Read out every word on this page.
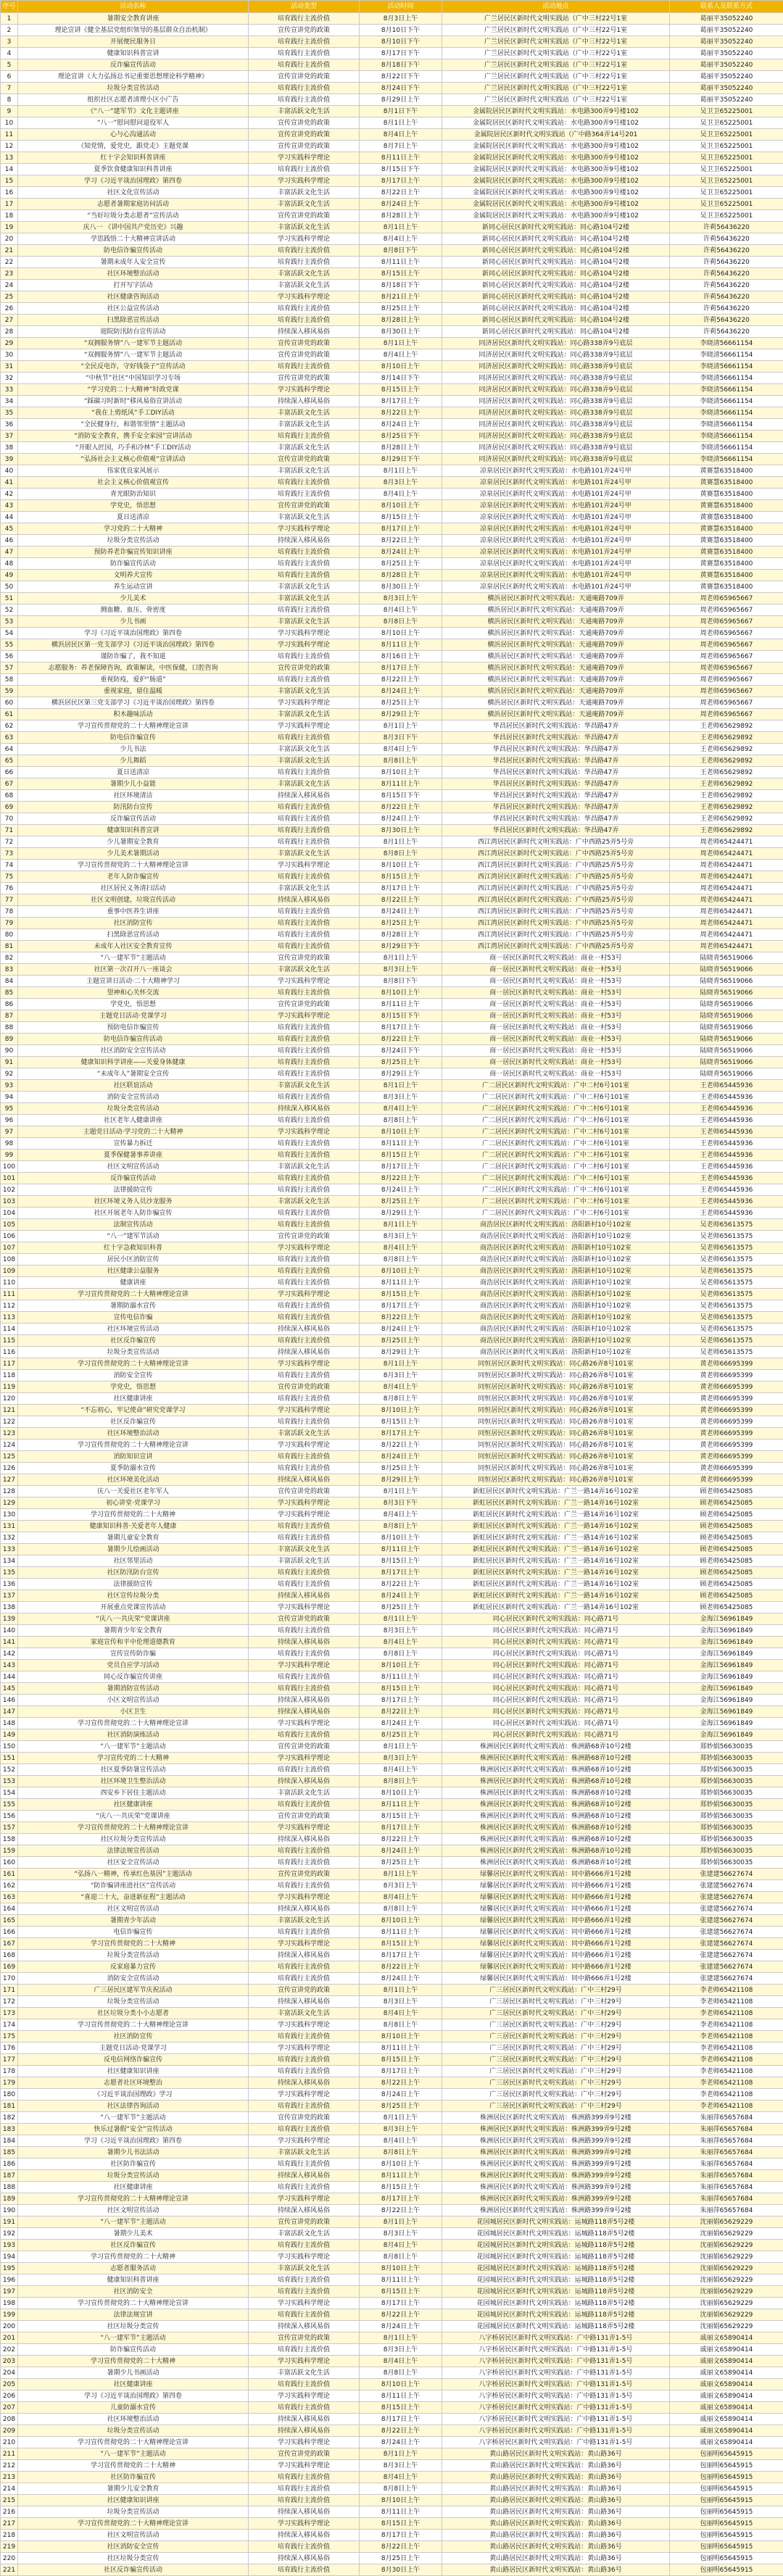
序号	活动名称	活动类型	活动时间	活动地点	联系人及联系方式
1	暑期安全教育讲座	培育践行主流价值	8月3日上午	广兰居民区新时代文明实践站（广中三村22号1室	葛丽平35052240
2	理论宣讲《健全基层党组织领导的基层群众自治机制》	宣传宣讲党的政策	8月10日下午	广兰居民区新时代文明实践站（广中三村22号1室	葛丽平35052240
3	开展便民服务日	培育践行主流价值	8月10日下午	广兰居民区新时代文明实践站（广中三村22号1室	葛丽平35052240
4	健康知识科普宣讲	培育践行主流价值	8月17日下午	广兰居民区新时代文明实践站（广中三村22号1室	葛丽平35052240
5	反诈骗宣传活动	培育践行主流价值	8月18日下午	广兰居民区新时代文明实践站（广中三村22号1室	葛丽平35052240
6	理论宣讲《大力弘扬总书记重要思想理论科学精神》	宣传宣讲党的政策	8月22日下午	广兰居民区新时代文明实践站（广中三村22号1室	葛丽平35052240
7	垃圾分类宣传活动	培育践行主流价值	8月24日下午	广兰居民区新时代文明实践站（广中三村22号1室	葛丽平35052240
8	组织社区志愿者清理小区小广告	培育践行主流价值	8月29日上午	广兰居民区新时代文明实践站（广中三村22号1室	葛丽平35052240
9	《“八一”建军节》文化主题讲座	丰富活跃文化生活	8月1日下午	金属院居民区新时代文明实践站：水电路300弄9号楼102	吴卫卫65225001
10	“八一”慰问慰问退役军人	宣传宣讲党的政策	8月1日上午	金属院居民区新时代文明实践站：水电路300弄9号楼102	吴卫卫65225001
11	心与心沟通活动	宣传宣讲党的政策	8月4日上午	金属院居民区新时代文明实践站（广中路364弄14号201	吴卫卫65225001
12	《知党情，爱党史，跟党走》主题党课	宣传宣讲党的政策	8月7日上午	金属院居民区新时代文明实践站：水电路300弄9号楼102	吴卫卫65225001
13	红十字会知识科普讲座	学习实践科学理论	8月11日上午	金属院居民区新时代文明实践站：水电路300弄9号楼102	吴卫卫65225001
14	夏季饮食健康知识科普讲座	培育践行主流价值	8月15日下午	金属院居民区新时代文明实践站：水电路300弄9号楼102	吴卫卫65225001
15	学习《习近平谈治国理政》第四卷	学习实践科学理论	8月17日上午	金属院居民区新时代文明实践站：水电路300弄9号楼102	吴卫卫65225001
16	社区文化宣传活动	丰富活跃文化生活	8月22日上午	金属院居民区新时代文明实践站：水电路300弄9号楼102	吴卫卫65225001
17	志愿者暑期家庭访问活动	丰富活跃文化生活	8月24日上午	金属院居民区新时代文明实践站：水电路300弄9号楼102	吴卫卫65225001
18	“当好垃圾分类志愿者”宣传活动	宣传宣讲党的政策	8月28日上午	金属院居民区新时代文明实践站：水电路300弄9号楼102	吴卫卫65225001
19	庆八一 《讲中国共产党历史》兴趣	丰富活跃文化生活	8月1日上午	新同心居民区新时代文明实践站：同心路104号2楼	许莉56436220
20	学思践悟二十大精神宣讲活动	学习实践科学理论	8月4日上午	新同心居民区新时代文明实践站：同心路104号2楼	许莉56436220
21	防电信诈骗宣传活动	培育践行主流价值	8月8日下午	新同心居民区新时代文明实践站：同心路104号2楼	许莉56436220
22	暑期未成年人安全宣传	培育践行主流价值	8月11日上午	新同心居民区新时代文明实践站：同心路104号2楼	许莉56436220
23	社区环境整治活动	丰富活跃文化生活	8月15日上午	新同心居民区新时代文明实践站：同心路104号2楼	许莉56436220
24	打开写字活动	丰富活跃文化生活	8月18日下午	新同心居民区新时代文明实践站：同心路104号2楼	许莉56436220
25	社区健康咨询活动	学习实践科学理论	8月21日上午	新同心居民区新时代文明实践站：同心路104号2楼	许莉56436220
26	社区公益宣传活动	培育践行主流价值	8月25日上午	新同心居民区新时代文明实践站：同心路104号2楼	许莉56436220
27	扫黑除恶宣传活动	培育践行主流价值	8月28日上午	新同心居民区新时代文明实践站：同心路104号2楼	许莉56436220
28	庭院防汛防台宣传活动	持续深入移风易俗	8月30日上午	新同心居民区新时代文明实践站：同心路104号2楼	许莉56436220
29	“双拥服务情”八一建军节主题活动	宣传宣讲党的政策	8月1日上午	同济居民区新时代文明实践站：同心路338弄9号底层	李晓清56661154
30	“双拥服务情”八一建军节主题活动	宣传宣讲党的政策	8月4日上午	同济居民区新时代文明实践站：同心路338弄9号底层	李晓清56661154
31	“全民反电诈，守好钱袋子”宣传活动	培育践行主流价值	8月10日上午	同济居民区新时代文明实践站：同心路338弄9号底层	李晓清56661154
32	“中秋节”社区“中国知识学习专场	宣传宣讲党的政策	8月14日下午	同济居民区新时代文明实践站：同心路338弄9号底层	李晓清56661154
33	“学习党的二十大精神”时政党课	学习实践科学理论	8月15日上午	同济居民区新时代文明实践站：同心路338弄9号底层	李晓清56661154
34	“踩碳习时新时”移风易俗宣讲活动	持续深入移风易俗	8月17日上午	同济居民区新时代文明实践站：同心路338弄9号底层	李晓清56661154
35	“我在上剪纸风”手工DIY活动	丰富活跃文化生活	8月22日上午	同济居民区新时代文明实践站：同心路338弄9号底层	李晓清56661154
36	“全民健身行，和谐邻里情”主题活动	丰富活跃文化生活	8月24日上午	同济居民区新时代文明实践站：同心路338弄9号底层	李晓清56661154
37	“消防安全教育，携手安全家园”宣讲活动	培育践行主流价值	8月25日下午	同济居民区新时代文明实践站：同心路338弄9号底层	李晓清56661154
38	“开眼人匠园，巧手和冷林”手工DIY活动	丰富活跃文化生活	8月28日上午	同济居民区新时代文明实践站：同心路338弄9号底层	李晓清56661154
39	“弘扬社会主义核心价值观”宣讲活动	宣传宣讲党的政策	8月29日下午	同济居民区新时代文明实践站：同心路338弄9号底层	李晓清56661154
40	伟家优良家风展示	丰富活跃文化生活	8月1日上午	凉泉居民区新时代文明实践站：水电路101弄24号甲	黄赛慧63518400
41	社会主义核心价值观宣传	培育践行主流价值	8月3日上午	凉泉居民区新时代文明实践站：水电路101弄24号甲	黄赛慧63518400
42	青光眼防治知识	培育践行主流价值	8月4日上午	凉泉居民区新时代文明实践站：水电路101弄24号甲	黄赛慧63518400
43	学党史，悟思想	宣传宣讲党的政策	8月10日上午	凉泉居民区新时代文明实践站：水电路101弄24号甲	黄赛慧63518400
44	夏日送清凉	丰富活跃文化生活	8月15日上午	凉泉居民区新时代文明实践站：水电路101弄24号甲	黄赛慧63518400
45	学习党的二十大精神	学习实践科学理论	8月17日上午	凉泉居民区新时代文明实践站：水电路101弄24号甲	黄赛慧63518400
46	垃圾分类宣传活动	持续深入移风易俗	8月22日上午	凉泉居民区新时代文明实践站：水电路101弄24号甲	黄赛慧63518400
47	预防养老诈骗宣传知识讲座	培育践行主流价值	8月24日上午	凉泉居民区新时代文明实践站：水电路101弄24号甲	黄赛慧63518400
48	防诈骗宣传活动	培育践行主流价值	8月25日上午	凉泉居民区新时代文明实践站：水电路101弄24号甲	黄赛慧63518400
49	文明养犬宣传	培育践行主流价值	8月28日上午	凉泉居民区新时代文明实践站：水电路101弄24号甲	黄赛慧63518400
50	养生运动宣讲	丰富活跃文化生活	8月30日上午	凉泉居民区新时代文明实践站：水电路101弄24号甲	黄赛慧63518400
51	少儿美术	丰富活跃文化生活	8月3日上午	横浜居民区新时代文明实践站：天通庵路709弄	周老师65965667
52	测血糖、血压、骨密度	培育践行主流价值	8月4日上午	横浜居民区新时代文明实践站：天通庵路709弄	周老师65965667
53	少儿书画	丰富活跃文化生活	8月8日上午	横浜居民区新时代文明实践站：天通庵路709弄	周老师65965667
54	学习《习近平谈治国理政》第四卷	学习实践科学理论	8月10日上午	横浜居民区新时代文明实践站：天通庵路709弄	周老师65965667
55	横浜居民区第一党支部学习《习近平谈治国理政》第四卷	学习实践科学理论	8月11日上午	横浜居民区新时代文明实践站：天通庵路709弄	周老师65965667
56	谨防诈骗了，我不知道	培育践行主流价值	8月16日上午	横浜居民区新时代文明实践站：天通庵路709弄	周老师65965667
57	志愿服务：养老保障咨询，政策解读，中医保健，口腔咨询	宣传宣讲党的政策	8月17日上午	横浜居民区新时代文明实践站：天通庵路709弄	周老师65965667
58	重视防疫，爱护“肠道”	培育践行主流价值	8月22日上午	横浜居民区新时代文明实践站：天通庵路709弄	周老师65965667
59	重视家庭，留住温暖	丰富活跃文化生活	8月24日上午	横浜居民区新时代文明实践站：天通庵路709弄	周老师65965667
60	横浜居民区第三党支部学习《习近平谈治国理政》第四卷	学习实践科学理论	8月25日上午	横浜居民区新时代文明实践站：天通庵路709弄	周老师65965667
61	积木趣味活动	丰富活跃文化生活	8月29日上午	横浜居民区新时代文明实践站：天通庵路709弄	周老师65965667
62	学习宣传贯彻党的二十大精神理论宣讲	学习实践科学理论	8月1日上午	华昌居民区新时代文明实践站：华昌路47弄	王老师65629892
63	防电信诈骗宣传	培育践行主流价值	8月3日下午	华昌居民区新时代文明实践站：华昌路47弄	王老师65629892
64	少儿书法	丰富活跃文化生活	8月4日上午	华昌居民区新时代文明实践站：华昌路47弄	王老师65629892
65	少儿舞蹈	丰富活跃文化生活	8月8日上午	华昌居民区新时代文明实践站：华昌路47弄	王老师65629892
66	夏日送清凉	培育践行主流价值	8月10日上午	华昌居民区新时代文明实践站：华昌路47弄	王老师65629892
67	暑期少儿小益能	丰富活跃文化生活	8月11日上午	华昌居民区新时代文明实践站：华昌路47弄	王老师65629892
68	社区环境清洁	持续深入移风易俗	8月15日下午	华昌居民区新时代文明实践站：华昌路47弄	王老师65629892
69	防汛防台宣传	培育践行主流价值	8月22日上午	华昌居民区新时代文明实践站：华昌路47弄	王老师65629892
70	反诈骗宣传活动	培育践行主流价值	8月24日上午	华昌居民区新时代文明实践站：华昌路47弄	王老师65629892
71	健康知识科普宣讲	培育践行主流价值	8月30日上午	华昌居民区新时代文明实践站：华昌路47弄	王老师65629892
72	少儿暑期安全教育	培育践行主流价值	8月1日上午	西江湾居民区新时代文明实践站：广中西路25弄5号旁	周老师65424471
73	少儿美术暑期活动	丰富活跃文化生活	8月8日上午	西江湾居民区新时代文明实践站：广中西路25弄5号旁	周老师65424471
74	学习宣传贯彻党的二十大精神理论宣讲	学习实践科学理论	8月10日上午	西江湾居民区新时代文明实践站：广中西路25弄5号旁	周老师65424471
75	老年人防诈骗宣传	培育践行主流价值	8月15日上午	西江湾居民区新时代文明实践站：广中西路25弄5号旁	周老师65424471
76	社区居民义务清扫活动	丰富活跃文化生活	8月17日上午	西江湾居民区新时代文明实践站：广中西路25弄5号旁	周老师65424471
77	社区文明创建，垃圾宣传活动	持续深入移风易俗	8月22日上午	西江湾居民区新时代文明实践站：广中西路25弄5号旁	周老师65424471
78	重事中医养生讲座	培育践行主流价值	8月24日上午	西江湾居民区新时代文明实践站：广中西路25弄5号旁	周老师65424471
79	社区消防宣传	培育践行主流价值	8月25日上午	西江湾居民区新时代文明实践站：广中西路25弄5号旁	周老师65424471
80	扫黑除恶宣传活动	培育践行主流价值	8月28日上午	西江湾居民区新时代文明实践站：广中西路25弄5号旁	周老师65424471
81	未成年人社区安全教育宣传	培育践行主流价值	8月29日下午	西江湾居民区新时代文明实践站：广中西路25弄5号旁	周老师65424471
82	“八一建军节”主题活动	宣传宣讲党的政策	8月1日上午	商一居民区新时代文明实践站：商业一村53号	陆晓青56519066
83	社区第一次召开八一座谈会	丰富活跃文化生活	8月3日上午	商一居民区新时代文明实践站：商业一村53号	陆晓青56519066
84	主题宣讲日活动·二十大精神学习	学习实践科学理论	8月8日下午	商一居民区新时代文明实践站：商业一村53号	陆晓青56519066
85	望神和心关怀交流	培育践行主流价值	8月10日上午	商一居民区新时代文明实践站：商业一村53号	陆晓青56519066
86	学党史，悟思想	宣传宣讲党的政策	8月11日上午	商一居民区新时代文明实践站：商业一村53号	陆晓青56519066
87	主题党日活动·党课学习	学习实践科学理论	8月15日下午	商一居民区新时代文明实践站：商业一村53号	陆晓青56519066
88	预防电信诈骗宣传	培育践行主流价值	8月17日上午	商一居民区新时代文明实践站：商业一村53号	陆晓青56519066
89	防电信诈骗宣传活动	培育践行主流价值	8月22日上午	商一居民区新时代文明实践站：商业一村53号	陆晓青56519066
90	社区消防安全宣传活动	培育践行主流价值	8月24日下午	商一居民区新时代文明实践站：商业一村53号	陆晓青56519066
91	健康知识科学讲座——关爱身体健康	培育践行主流价值	8月25日上午	商一居民区新时代文明实践站：商业一村53号	陆晓青56519066
92	“未成年人”暑期安全宣传	培育践行主流价值	8月29日上午	商一居民区新时代文明实践站：商业一村53号	陆晓青56519066
93	社区联谊活动	丰富活跃文化生活	8月1日上午	广二居民区新时代文明实践站：广中二村6号101室	王老师65445936
94	消防安全宣传活动	培育践行主流价值	8月3日上午	广二居民区新时代文明实践站：广中二村6号101室	王老师65445936
95	垃圾分类宣传活动	持续深入移风易俗	8月4日上午	广二居民区新时代文明实践站：广中二村6号101室	王老师65445936
96	社区老年人健康讲座	培育践行主流价值	8月8日上午	广二居民区新时代文明实践站：广中二村6号101室	王老师65445936
97	主题党日活动·学习党的二十大精神	学习实践科学理论	8月10日上午	广二居民区新时代文明实践站：广中二村6号101室	王老师65445936
98	宣传暴力拆迁	培育践行主流价值	8月11日上午	广二居民区新时代文明实践站：广中二村6号101室	王老师65445936
99	夏季保健暑事养讲座	培育践行主流价值	8月15日上午	广二居民区新时代文明实践站：广中二村6号101室	王老师65445936
100	社区文明宣传活动	丰富活跃文化生活	8月17日上午	广二居民区新时代文明实践站：广中二村6号101室	王老师65445936
101	反诈骗宣传活动	培育践行主流价值	8月22日上午	广二居民区新时代文明实践站：广中二村6号101室	王老师65445936
102	法律援助宣传	培育践行主流价值	8月24日上午	广二居民区新时代文明实践站：广中二村6号101室	王老师65445936
103	社区环境义务人员沙龙服务	丰富活跃文化生活	8月25日上午	广二居民区新时代文明实践站：广中二村6号101室	王老师65445936
104	社区开展老年人防诈骗宣传	培育践行主流价值	8月29日上午	广二居民区新时代文明实践站：广中二村6号101室	王老师65445936
105	法制宣传活动	培育践行主流价值	8月1日上午	商浩居民区新时代文明实践站：洛阳新村10号102室	吴老师65613575
106	“八一”建军节活动	宣传宣讲党的政策	8月3日上午	商浩居民区新时代文明实践站：洛阳新村10号102室	吴老师65613575
107	红十字急救知识科普	学习实践科学理论	8月4日上午	商浩居民区新时代文明实践站：洛阳新村10号102室	吴老师65613575
108	居民小区消防宣传	培育践行主流价值	8月8日上午	商浩居民区新时代文明实践站：洛阳新村10号102室	吴老师65613575
109	社区健康公益服务	培育践行主流价值	8月10日上午	商浩居民区新时代文明实践站：洛阳新村10号102室	吴老师65613575
110	健康讲座	培育践行主流价值	8月11日上午	商浩居民区新时代文明实践站：洛阳新村10号102室	吴老师65613575
111	学习宣传贯彻党的二十大精神理论宣讲	学习实践科学理论	8月15日上午	商浩居民区新时代文明实践站：洛阳新村10号102室	吴老师65613575
112	暑期防溺水宣传	培育践行主流价值	8月17日上午	商浩居民区新时代文明实践站：洛阳新村10号102室	吴老师65613575
113	宣传电信诈骗	培育践行主流价值	8月22日上午	商浩居民区新时代文明实践站：洛阳新村10号102室	吴老师65613575
114	社区环境宣传活动	持续深入移风易俗	8月24日上午	商浩居民区新时代文明实践站：洛阳新村10号102室	吴老师65613575
115	社区反诈骗宣传	培育践行主流价值	8月25日上午	商浩居民区新时代文明实践站：洛阳新村10号102室	吴老师65613575
116	垃圾分类宣传活动	持续深入移风易俗	8月29日上午	商浩居民区新时代文明实践站：洛阳新村10号102室	吴老师65613575
117	学习宣传贯彻党的二十大精神理论宣讲	学习实践科学理论	8月1日上午	同恒居民区新时代文明实践站：同心路26弄8号101室	黄老师66695399
118	消防安全宣传	培育践行主流价值	8月3日上午	同恒居民区新时代文明实践站：同心路26弄8号101室	黄老师66695399
119	学党史，悟思想	宣传宣讲党的政策	8月4日上午	同恒居民区新时代文明实践站：同心路26弄8号101室	黄老师66695399
120	社区健康讲座	培育践行主流价值	8月8日上午	同恒居民区新时代文明实践站：同心路26弄8号101室	黄老师66695399
121	“不忘初心，牢记使命”研究党课学习	学习实践科学理论	8月10日上午	同恒居民区新时代文明实践站：同心路26弄8号101室	黄老师66695399
122	社区反诈骗宣传	培育践行主流价值	8月15日上午	同恒居民区新时代文明实践站：同心路26弄8号101室	黄老师66695399
123	社区环境整治活动	丰富活跃文化生活	8月17日上午	同恒居民区新时代文明实践站：同心路26弄8号101室	黄老师66695399
124	学习宣传贯彻党的二十大精神理论宣讲	学习实践科学理论	8月22日上午	同恒居民区新时代文明实践站：同心路26弄8号101室	黄老师66695399
125	消防知识宣讲	培育践行主流价值	8月24日上午	同恒居民区新时代文明实践站：同心路26弄8号101室	黄老师66695399
126	夏季防溺水宣传	培育践行主流价值	8月25日上午	同恒居民区新时代文明实践站：同心路26弄8号101室	黄老师66695399
127	社区环境美化活动	持续深入移风易俗	8月29日上午	同恒居民区新时代文明实践站：同心路26弄8号101室	黄老师66695399
128	庆八一关爱社区老年军人	宣传宣讲党的政策	8月1日上午	新虹居民区新时代文明实践站：广兰一路14弄16号102室	顾老师65425085
129	初心讲堂·党课学习	学习实践科学理论	8月3日下午	新虹居民区新时代文明实践站：广兰一路14弄16号102室	顾老师65425085
130	学习宣传贯彻党的二十大精神	学习实践科学理论	8月4日上午	新虹居民区新时代文明实践站：广兰一路14弄16号102室	顾老师65425085
131	健康知识科普·关爱老年人健康	培育践行主流价值	8月8日上午	新虹居民区新时代文明实践站：广兰一路14弄16号102室	顾老师65425085
132	暑期儿童安全教育	培育践行主流价值	8月10日上午	新虹居民区新时代文明实践站：广兰一路14弄16号102室	顾老师65425085
133	暑期少儿绘画活动	丰富活跃文化生活	8月11日上午	新虹居民区新时代文明实践站：广兰一路14弄16号102室	顾老师65425085
134	社区邻里活动	丰富活跃文化生活	8月15日上午	新虹居民区新时代文明实践站：广兰一路14弄16号102室	顾老师65425085
135	社区防汛防台宣传	培育践行主流价值	8月17日上午	新虹居民区新时代文明实践站：广兰一路14弄16号102室	顾老师65425085
136	法律援助宣传	培育践行主流价值	8月22日上午	新虹居民区新时代文明实践站：广兰一路14弄16号102室	顾老师65425085
137	社区宣传垃圾分类	持续深入移风易俗	8月24日上午	新虹居民区新时代文明实践站：广兰一路14弄16号102室	顾老师65425085
138	开展重点党课宣传活动	学习实践科学理论	8月25日上午	新虹居民区新时代文明实践站：广兰一路14弄16号102室	顾老师65425085
139	“庆八一·共庆荣”党课讲座	宣传宣讲党的政策	8月1日上午	同心居民区新时代文明实践站：同心路71号	金海江56961849
140	暑期青少年安全教育	培育践行主流价值	8月3日上午	同心居民区新时代文明实践站：同心路71号	金海江56961849
141	家庭宣传和平中伦理道德教育	持续深入移风易俗	8月4日上午	同心居民区新时代文明实践站：同心路71号	金海江56961849
142	宣传宣传防诈骗	培育践行主流价值	8月8日上午	同心居民区新时代文明实践站：同心路71号	金海江56961849
143	党员自应学习活动	学习实践科学理论	8月10日上午	同心居民区新时代文明实践站：同心路71号	金海江56961849
144	同心反诈骗宣传讲座	培育践行主流价值	8月11日上午	同心居民区新时代文明实践站：同心路71号	金海江56961849
145	暑期消防宣传活动	培育践行主流价值	8月15日上午	同心居民区新时代文明实践站：同心路71号	金海江56961849
146	小区文明宣传活动	持续深入移风易俗	8月17日上午	同心居民区新时代文明实践站：同心路71号	金海江56961849
147	小区卫生	持续深入移风易俗	8月22日上午	同心居民区新时代文明实践站：同心路71号	金海江56961849
148	学习宣传贯彻党的二十大精神理论宣讲	学习实践科学理论	8月24日上午	同心居民区新时代文明实践站：同心路71号	金海江56961849
149	社区消防演练活动	培育践行主流价值	8月25日上午	同心居民区新时代文明实践站：同心路71号	金海江56961849
150	“八一建军节”主题活动	宣传宣讲党的政策	8月1日上午	株洲居民区新时代文明实践站：株洲路68弄10号2楼	郑妙娟56630035
151	学习宣传党的二十大精神	学习实践科学理论	8月3日上午	株洲居民区新时代文明实践站：株洲路68弄10号2楼	郑妙娟56630035
152	社区夏季防暑宣传活动	培育践行主流价值	8月4日上午	株洲居民区新时代文明实践站：株洲路68弄10号2楼	郑妙娟56630035
153	社区环境卫生整治活动	持续深入移风易俗	8月8日上午	株洲居民区新时代文明实践站：株洲路68弄10号2楼	郑妙娟56630035
154	西安乡下居住主题活动	丰富活跃文化生活	8月10日上午	株洲居民区新时代文明实践站：株洲路68弄10号2楼	郑妙娟56630035
155	社区健康讲座	培育践行主流价值	8月11日上午	株洲居民区新时代文明实践站：株洲路68弄10号2楼	郑妙娟56630035
156	“庆八一·共庆荣”党课讲座	宣传宣讲党的政策	8月15日上午	株洲居民区新时代文明实践站：株洲路68弄10号2楼	郑妙娟56630035
157	学习宣传贯彻党的二十大精神理论宣讲	学习实践科学理论	8月17日上午	株洲居民区新时代文明实践站：株洲路68弄10号2楼	郑妙娟56630035
158	社区垃圾分类宣传活动	持续深入移风易俗	8月22日上午	株洲居民区新时代文明实践站：株洲路68弄10号2楼	郑妙娟56630035
159	法律法规宣传活动	培育践行主流价值	8月24日上午	株洲居民区新时代文明实践站：株洲路68弄10号2楼	郑妙娟56630035
160	社区安全宣传活动	培育践行主流价值	8月25日上午	株洲居民区新时代文明实践站：株洲路68弄10号2楼	郑妙娟56630035
161	“弘扬八一精神，传承红色基因”主题活动	宣传宣讲党的政策	8月1日上午	绿馨居民区新时代文明实践站：同中路666弄1号2楼	张建建56627674
162	“防诈骗讲座进社区”宣传活动	培育践行主流价值	8月3日上午	绿馨居民区新时代文明实践站：同中路666弄1号2楼	张建建56627674
163	“喜迎二十大，奋进新征程”主题活动	学习实践科学理论	8月4日上午	绿馨居民区新时代文明实践站：同中路666弄1号2楼	张建建56627674
164	社区文明宣传活动	持续深入移风易俗	8月8日上午	绿馨居民区新时代文明实践站：同中路666弄1号2楼	张建建56627674
165	暑期青少年活动	丰富活跃文化生活	8月10日上午	绿馨居民区新时代文明实践站：同中路666弄1号2楼	张建建56627674
166	电信诈骗宣传	培育践行主流价值	8月11日上午	绿馨居民区新时代文明实践站：同中路666弄1号2楼	张建建56627674
167	学习宣传贯彻党的二十大精神	学习实践科学理论	8月15日上午	绿馨居民区新时代文明实践站：同中路666弄1号2楼	张建建56627674
168	垃圾分类宣传活动	持续深入移风易俗	8月17日上午	绿馨居民区新时代文明实践站：同中路666弄1号2楼	张建建56627674
169	反家庭暴力宣传	培育践行主流价值	8月22日上午	绿馨居民区新时代文明实践站：同中路666弄1号2楼	张建建56627674
170	消防安全宣传活动	培育践行主流价值	8月24日上午	绿馨居民区新时代文明实践站：同中路666弄1号2楼	张建建56627674
171	广三居民区建军节庆祝活动	宣传宣讲党的政策	8月1日上午	广三居民区新时代文明实践站：广中三村29号	李老师65421108
172	垃圾分类宣传活动	持续深入移风易俗	8月3日上午	广三居民区新时代文明实践站：广中三村29号	李老师65421108
173	社区垃圾分类小小志愿者	丰富活跃文化生活	8月4日上午	广三居民区新时代文明实践站：广中三村29号	李老师65421108
174	学习宣传贯彻党的二十大精神理论宣讲	学习实践科学理论	8月8日上午	广三居民区新时代文明实践站：广中三村29号	李老师65421108
175	社区消防宣传	培育践行主流价值	8月10日上午	广三居民区新时代文明实践站：广中三村29号	李老师65421108
176	主题党日活动·党课学习	学习实践科学理论	8月11日上午	广三居民区新时代文明实践站：广中三村29号	李老师65421108
177	反电信网络诈骗宣传	培育践行主流价值	8月15日上午	广三居民区新时代文明实践站：广中三村29号	李老师65421108
178	社区健康知识讲座	培育践行主流价值	8月17日上午	广三居民区新时代文明实践站：广中三村29号	李老师65421108
179	志愿者社区环境整治	持续深入移风易俗	8月22日上午	广三居民区新时代文明实践站：广中三村29号	李老师65421108
180	《习近平谈治国理政》学习	学习实践科学理论	8月24日上午	广三居民区新时代文明实践站：广中三村29号	李老师65421108
181	社区法律咨询活动	培育践行主流价值	8月25日上午	广三居民区新时代文明实践站：广中三村29号	李老师65421108
182	“八一建军节”主题活动	宣传宣讲党的政策	8月1日上午	株洲居民区新时代文明实践站：株洲路399弄9号2楼	朱丽萍65657684
183	快乐过暑假“安全”宣传活动	培育践行主流价值	8月3日上午	株洲居民区新时代文明实践站：株洲路399弄9号2楼	朱丽萍65657684
184	学习《习近平谈治国理政》第四卷	学习实践科学理论	8月4日上午	株洲居民区新时代文明实践站：株洲路399弄9号2楼	朱丽萍65657684
185	暑期少儿书法活动	丰富活跃文化生活	8月8日上午	株洲居民区新时代文明实践站：株洲路399弄9号2楼	朱丽萍65657684
186	社区防诈骗宣传	培育践行主流价值	8月10日上午	株洲居民区新时代文明实践站：株洲路399弄9号2楼	朱丽萍65657684
187	垃圾分类宣传活动	持续深入移风易俗	8月11日上午	株洲居民区新时代文明实践站：株洲路399弄9号2楼	朱丽萍65657684
188	社区健康讲座	培育践行主流价值	8月15日上午	株洲居民区新时代文明实践站：株洲路399弄9号2楼	朱丽萍65657684
189	学习宣传贯彻党的二十大精神理论宣讲	学习实践科学理论	8月17日上午	株洲居民区新时代文明实践站：株洲路399弄9号2楼	朱丽萍65657684
190	社区文明宣传活动	持续深入移风易俗	8月22日上午	株洲居民区新时代文明实践站：株洲路399弄9号2楼	朱丽萍65657684
191	“八一建军节”主题活动	宣传宣讲党的政策	8月1日上午	花园城居民区新时代文明实践站：运城路118弄5号2楼	沈丽娟65629229
192	暑期少儿美术	丰富活跃文化生活	8月3日上午	花园城居民区新时代文明实践站：运城路118弄5号2楼	沈丽娟65629229
193	社区反诈骗宣传	培育践行主流价值	8月4日上午	花园城居民区新时代文明实践站：运城路118弄5号2楼	沈丽娟65629229
194	学习宣传贯彻党的二十大精神	学习实践科学理论	8月8日上午	花园城居民区新时代文明实践站：运城路118弄5号2楼	沈丽娟65629229
195	志愿者服务活动	丰富活跃文化生活	8月10日上午	花园城居民区新时代文明实践站：运城路118弄5号2楼	沈丽娟65629229
196	健康知识科普讲座	培育践行主流价值	8月11日上午	花园城居民区新时代文明实践站：运城路118弄5号2楼	沈丽娟65629229
197	社区消防安全	培育践行主流价值	8月15日上午	花园城居民区新时代文明实践站：运城路118弄5号2楼	沈丽娟65629229
198	学习宣传贯彻党的二十大精神理论宣讲	学习实践科学理论	8月17日上午	花园城居民区新时代文明实践站：运城路118弄5号2楼	沈丽娟65629229
199	法律法规宣讲	培育践行主流价值	8月22日上午	花园城居民区新时代文明实践站：运城路118弄5号2楼	沈丽娟65629229
200	社区垃圾分类宣传	持续深入移风易俗	8月24日上午	花园城居民区新时代文明实践站：运城路118弄5号2楼	沈丽娟65629229
201	“八一建军节”主题活动	宣传宣讲党的政策	8月1日上午	八字桥居民区新时代文明实践站：广中路131弄1-5号	戚丽文65890414
202	防诈骗宣传活动	培育践行主流价值	8月3日上午	八字桥居民区新时代文明实践站：广中路131弄1-5号	戚丽文65890414
203	学习宣传贯彻党的二十大精神	学习实践科学理论	8月4日上午	八字桥居民区新时代文明实践站：广中路131弄1-5号	戚丽文65890414
204	暑期少儿书画活动	丰富活跃文化生活	8月8日上午	八字桥居民区新时代文明实践站：广中路131弄1-5号	戚丽文65890414
205	社区健康讲座	培育践行主流价值	8月10日上午	八字桥居民区新时代文明实践站：广中路131弄1-5号	戚丽文65890414
206	学习《习近平谈治国理政》第四卷	学习实践科学理论	8月11日上午	八字桥居民区新时代文明实践站：广中路131弄1-5号	戚丽文65890414
207	儿童防溺水宣传	培育践行主流价值	8月15日上午	八字桥居民区新时代文明实践站：广中路131弄1-5号	戚丽文65890414
208	社区环境整治活动	持续深入移风易俗	8月17日上午	八字桥居民区新时代文明实践站：广中路131弄1-5号	戚丽文65890414
209	垃圾分类宣传活动	持续深入移风易俗	8月22日上午	八字桥居民区新时代文明实践站：广中路131弄1-5号	戚丽文65890414
210	学习宣传贯彻党的二十大精神理论宣讲	学习实践科学理论	8月24日上午	八字桥居民区新时代文明实践站：广中路131弄1-5号	戚丽文65890414
211	“八一建军节”主题活动	宣传宣讲党的政策	8月1日上午	黄山路居民区新时代文明实践站：黄山路36号	包丽明65645915
212	学习宣传贯彻党的二十大精神	学习实践科学理论	8月3日上午	黄山路居民区新时代文明实践站：黄山路36号	包丽明65645915
213	社区防诈骗宣传	培育践行主流价值	8月4日上午	黄山路居民区新时代文明实践站：黄山路36号	包丽明65645915
214	暑期少儿安全教育	培育践行主流价值	8月8日上午	黄山路居民区新时代文明实践站：黄山路36号	包丽明65645915
215	社区健康知识讲座	培育践行主流价值	8月10日上午	黄山路居民区新时代文明实践站：黄山路36号	包丽明65645915
216	垃圾分类宣传活动	持续深入移风易俗	8月11日上午	黄山路居民区新时代文明实践站：黄山路36号	包丽明65645915
217	学习宣传贯彻党的二十大精神理论宣讲	学习实践科学理论	8月15日上午	黄山路居民区新时代文明实践站：黄山路36号	包丽明65645915
218	社区文明宣传活动	持续深入移风易俗	8月17日上午	黄山路居民区新时代文明实践站：黄山路36号	包丽明65645915
219	社区消防安全宣传	培育践行主流价值	8月22日上午	黄山路居民区新时代文明实践站：黄山路36号	包丽明65645915
220	社区垃圾分类宣传	持续深入移风易俗	8月25日上午	黄山路居民区新时代文明实践站：黄山路36号	包丽明65645915
221	社区反诈骗宣传活动	培育践行主流价值	8月30日上午	黄山路居民区新时代文明实践站：黄山路36号	包丽明65645915
